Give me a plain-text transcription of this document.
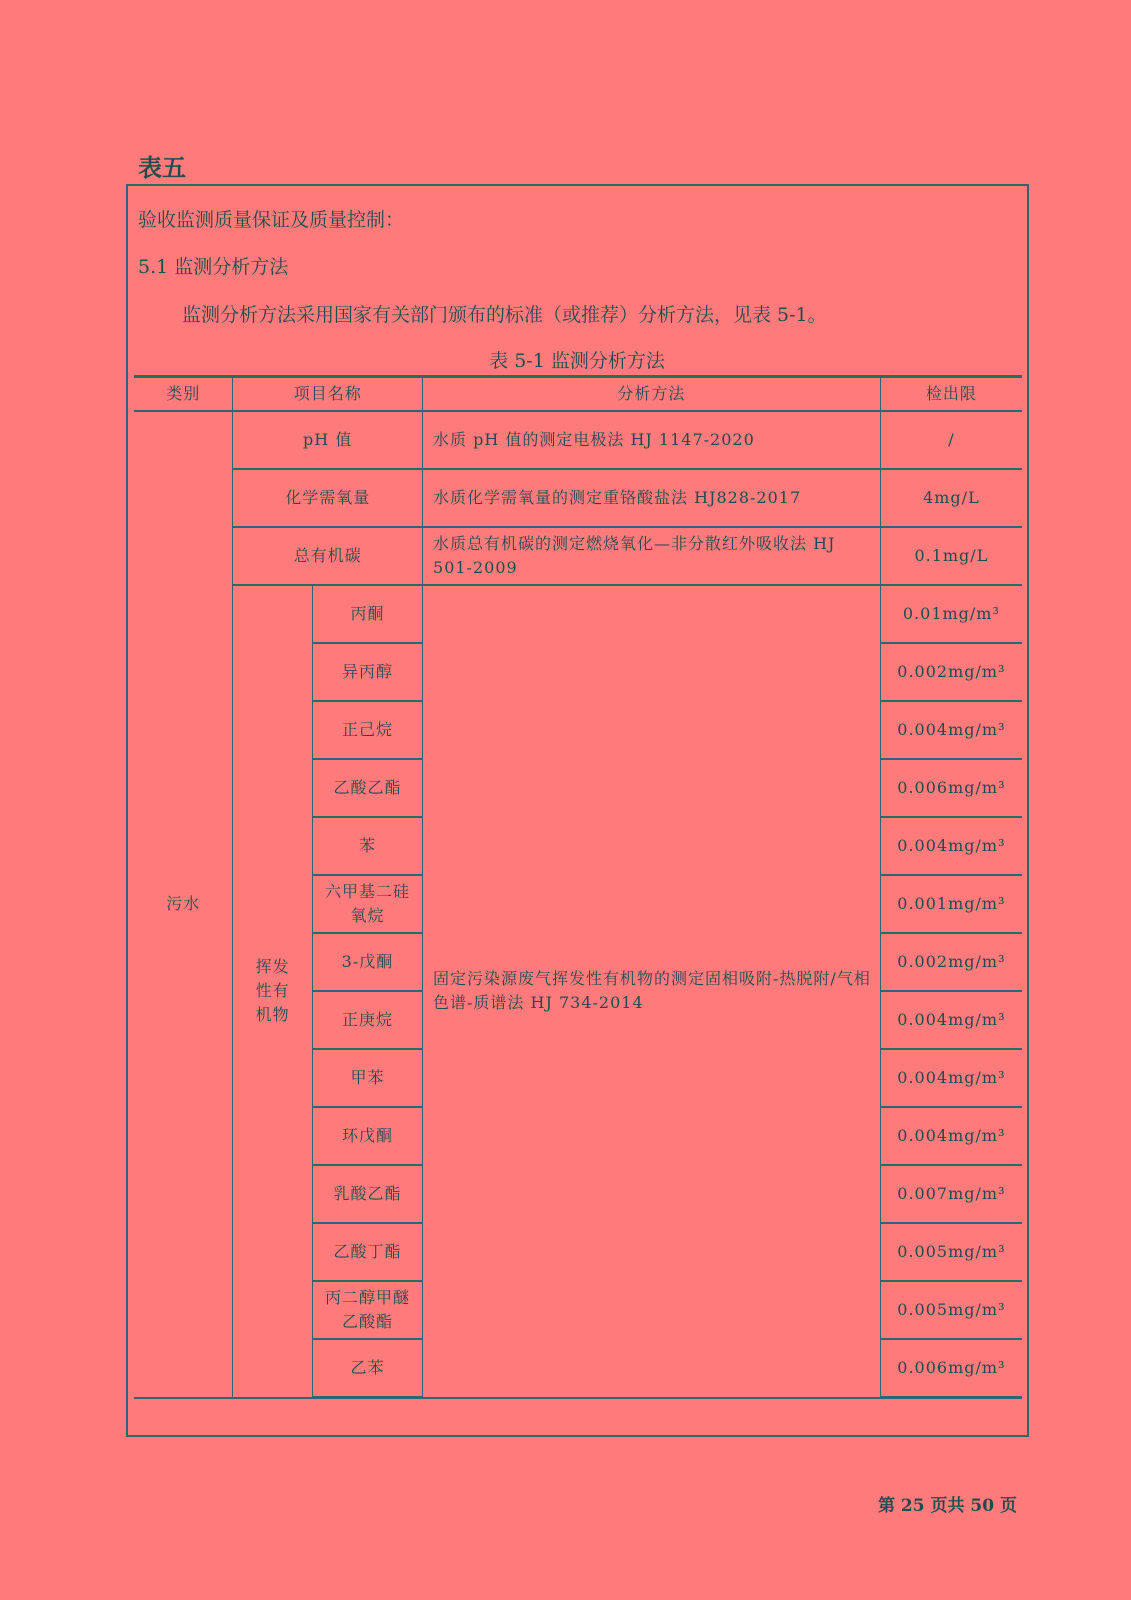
表五
验收监测质量保证及质量控制：
5.1 监测分析方法
监测分析方法采用国家有关部门颁布的标准（或推荐）分析方法，见表 5-1。
表 5-1 监测分析方法
类别	项目名称		分析方法	检出限
污水	pH 值		水质 pH 值的测定电极法 HJ 1147-2020	/
	化学需氧量		水质化学需氧量的测定重铬酸盐法 HJ828-2017	4mg/L
	总有机碳		水质总有机碳的测定燃烧氧化—非分散红外吸收法 HJ 501-2009	0.1mg/L
	挥发性有机物	丙酮	固定污染源废气挥发性有机物的测定固相吸附-热脱附/气相色谱-质谱法 HJ 734-2014	0.01mg/m³
		异丙醇		0.002mg/m³
		正己烷		0.004mg/m³
		乙酸乙酯		0.006mg/m³
		苯		0.004mg/m³
		六甲基二硅氧烷		0.001mg/m³
		3-戊酮		0.002mg/m³
		正庚烷		0.004mg/m³
		甲苯		0.004mg/m³
		环戊酮		0.004mg/m³
		乳酸乙酯		0.007mg/m³
		乙酸丁酯		0.005mg/m³
		丙二醇甲醚乙酸酯		0.005mg/m³
		乙苯		0.006mg/m³
第 25 页共 50 页
